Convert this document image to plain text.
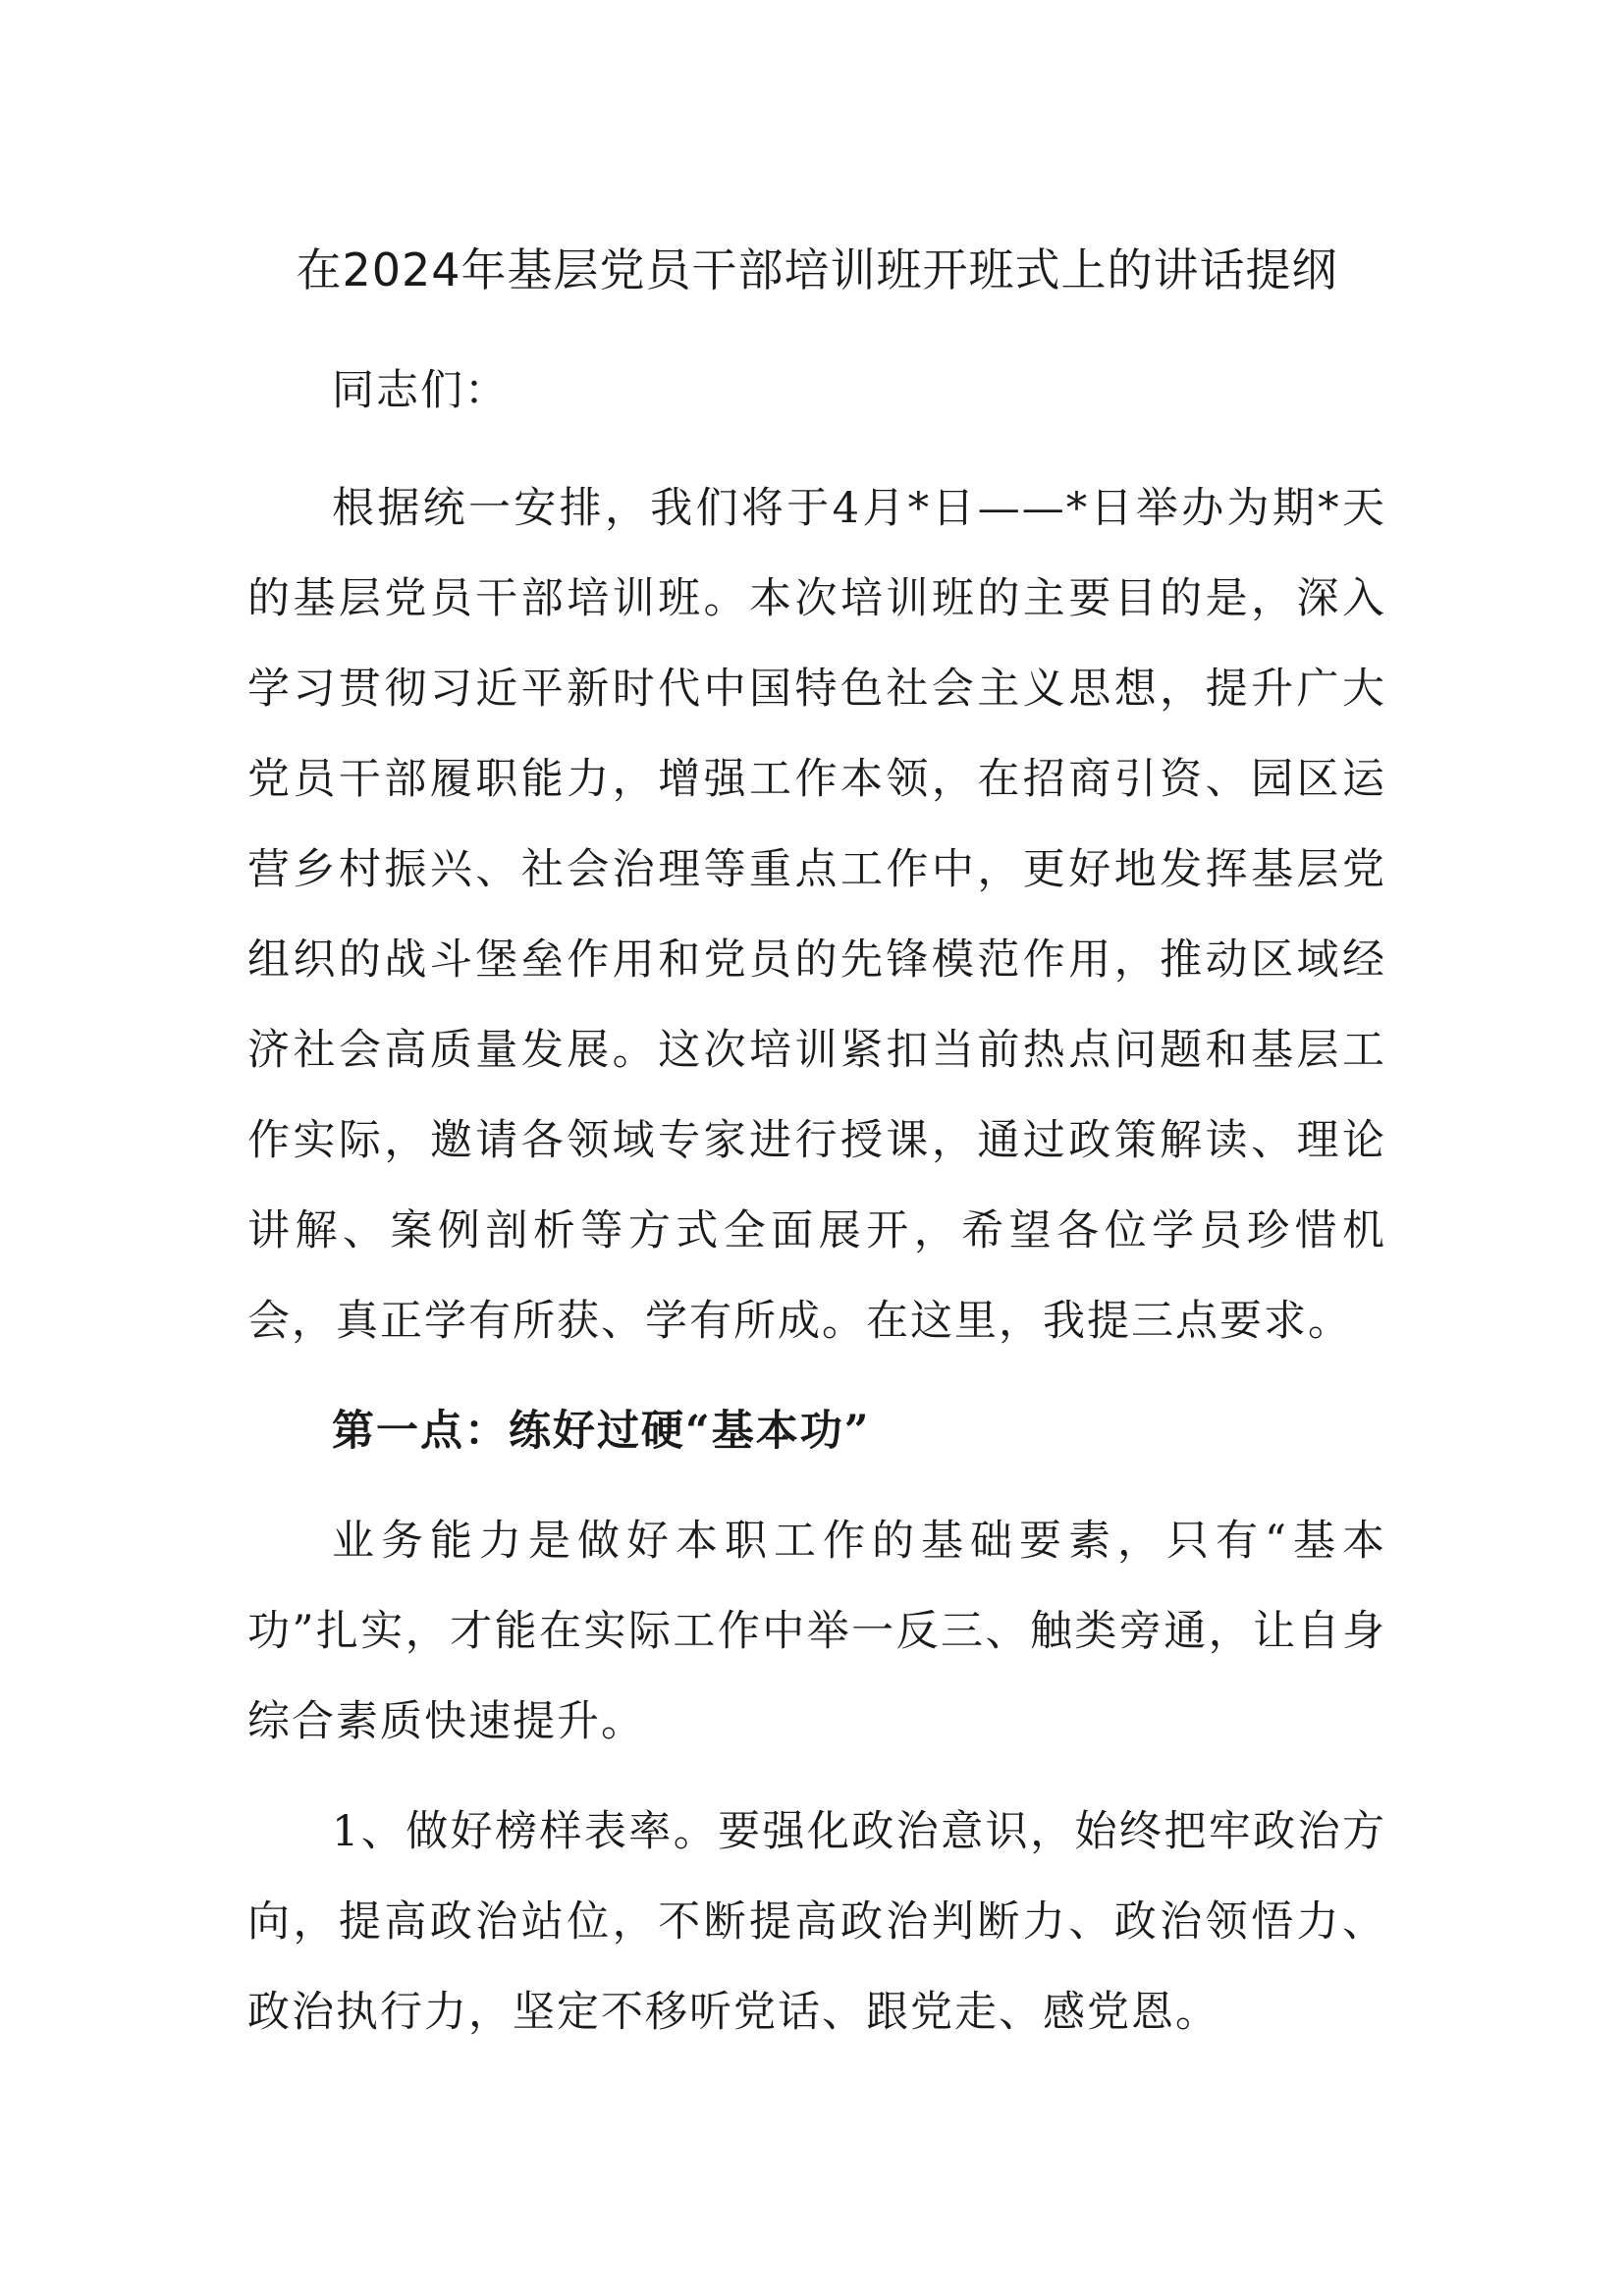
在2024年基层党员干部培训班开班式上的讲话提纲

同志们：

根据统一安排，我们将于4月*日——*日举办为期*天的基层党员干部培训班。本次培训班的主要目的是，深入学习贯彻习近平新时代中国特色社会主义思想，提升广大党员干部履职能力，增强工作本领，在招商引资、园区运营乡村振兴、社会治理等重点工作中，更好地发挥基层党组织的战斗堡垒作用和党员的先锋模范作用，推动区域经济社会高质量发展。这次培训紧扣当前热点问题和基层工作实际，邀请各领域专家进行授课，通过政策解读、理论讲解、案例剖析等方式全面展开，希望各位学员珍惜机会，真正学有所获、学有所成。在这里，我提三点要求。

第一点：练好过硬“基本功”

业务能力是做好本职工作的基础要素，只有“基本功”扎实，才能在实际工作中举一反三、触类旁通，让自身综合素质快速提升。

1、做好榜样表率。要强化政治意识，始终把牢政治方向，提高政治站位，不断提高政治判断力、政治领悟力、政治执行力，坚定不移听党话、跟党走、感党恩。
